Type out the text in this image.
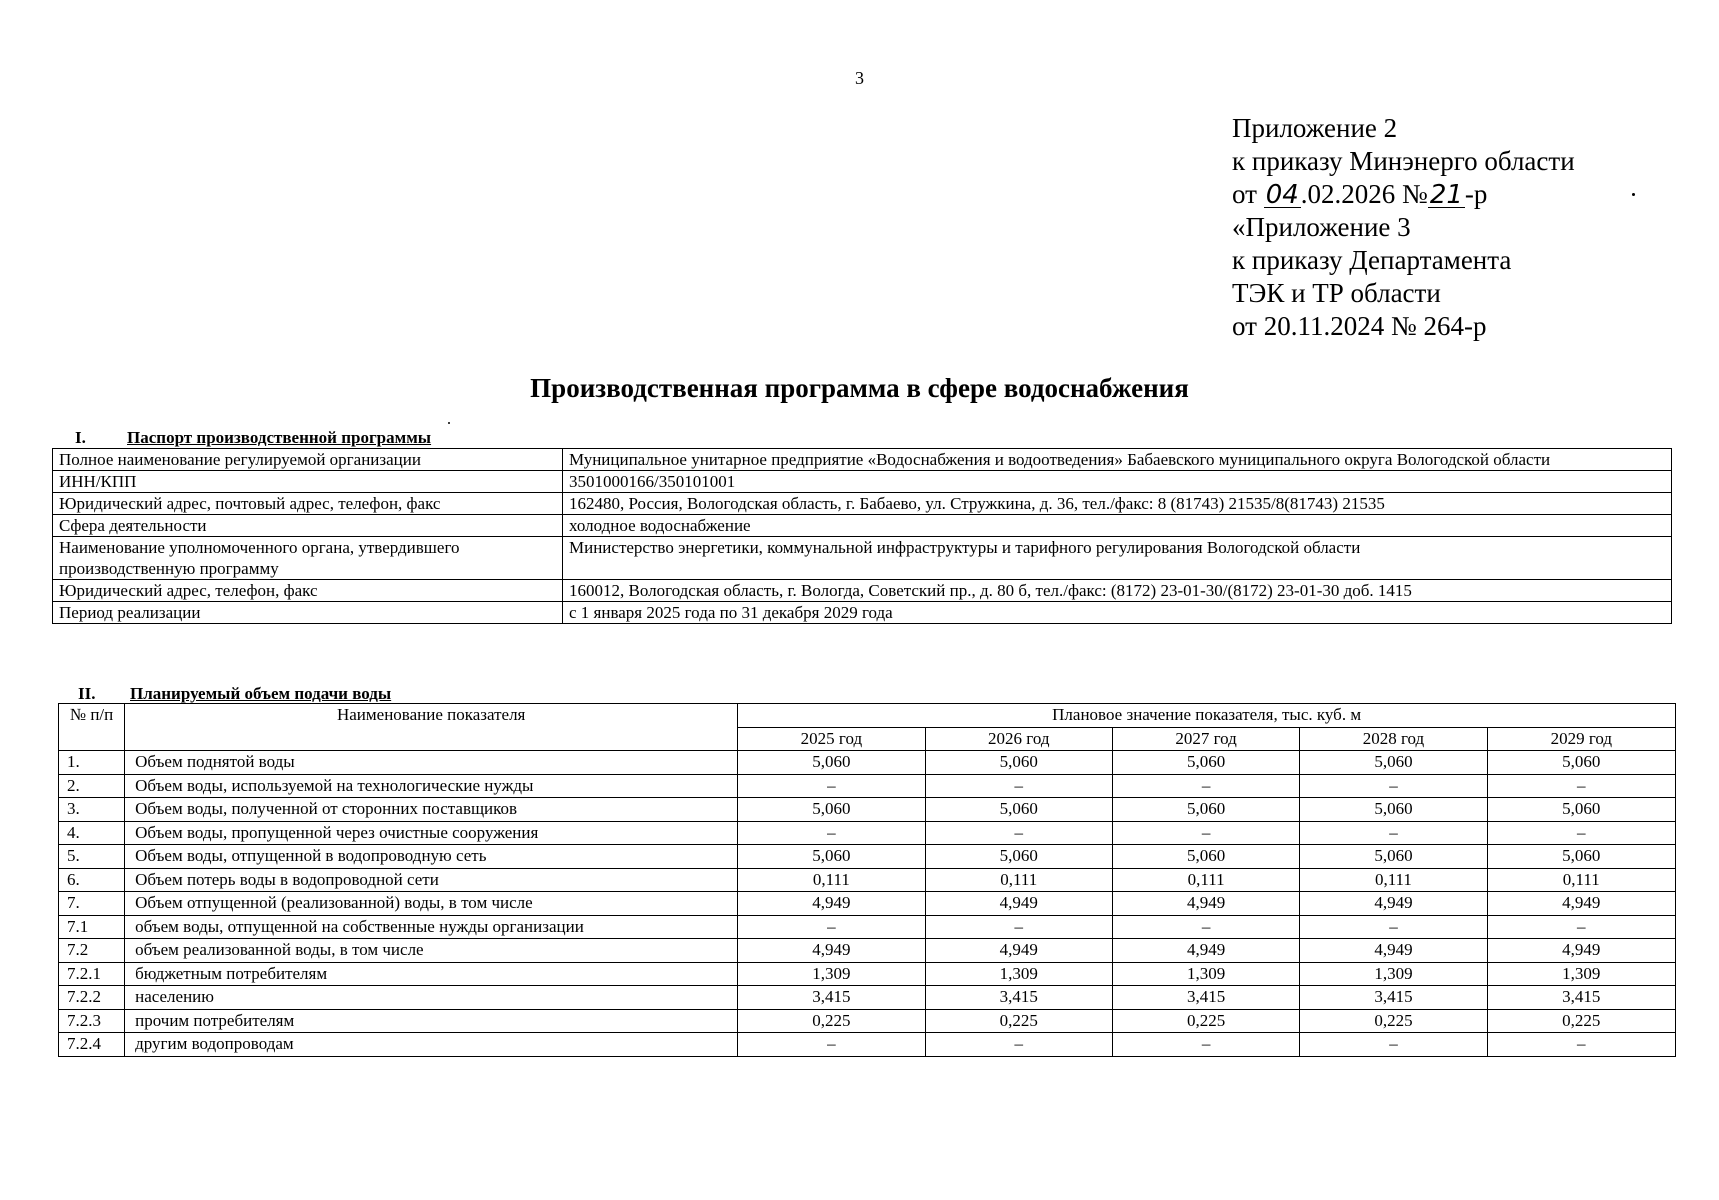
3
Приложение 2
к приказу Минэнерго области
от 04.02.2026 №21-р
«Приложение 3
к приказу Департамента
ТЭК и ТР области
от 20.11.2024 № 264-р
Производственная программа в сфере водоснабжения
I. Паспорт производственной программы
Полное наименование регулируемой организации	Муниципальное унитарное предприятие «Водоснабжения и водоотведения» Бабаевского муниципального округа Вологодской области
ИНН/КПП	3501000166/350101001
Юридический адрес, почтовый адрес, телефон, факс	162480, Россия, Вологодская область, г. Бабаево, ул. Стружкина, д. 36, тел./факс: 8 (81743) 21535/8(81743) 21535
Сфера деятельности	холодное водоснабжение
Наименование уполномоченного органа, утвердившего производственную программу	Министерство энергетики, коммунальной инфраструктуры и тарифного регулирования Вологодской области
Юридический адрес, телефон, факс	160012, Вологодская область, г. Вологда, Советский пр., д. 80 б, тел./факс: (8172) 23-01-30/(8172) 23-01-30 доб. 1415
Период реализации	с 1 января 2025 года по 31 декабря 2029 года
II. Планируемый объем подачи воды
№ п/п	Наименование показателя	Плановое значение показателя, тыс. куб. м				
		2025 год	2026 год	2027 год	2028 год	2029 год
1.	Объем поднятой воды	5,060	5,060	5,060	5,060	5,060
2.	Объем воды, используемой на технологические нужды	–	–	–	–	–
3.	Объем воды, полученной от сторонних поставщиков	5,060	5,060	5,060	5,060	5,060
4.	Объем воды, пропущенной через очистные сооружения	–	–	–	–	–
5.	Объем воды, отпущенной в водопроводную сеть	5,060	5,060	5,060	5,060	5,060
6.	Объем потерь воды в водопроводной сети	0,111	0,111	0,111	0,111	0,111
7.	Объем отпущенной (реализованной) воды, в том числе	4,949	4,949	4,949	4,949	4,949
7.1	объем воды, отпущенной на собственные нужды организации	–	–	–	–	–
7.2	объем реализованной воды, в том числе	4,949	4,949	4,949	4,949	4,949
7.2.1	бюджетным потребителям	1,309	1,309	1,309	1,309	1,309
7.2.2	населению	3,415	3,415	3,415	3,415	3,415
7.2.3	прочим потребителям	0,225	0,225	0,225	0,225	0,225
7.2.4	другим водопроводам	–	–	–	–	–
